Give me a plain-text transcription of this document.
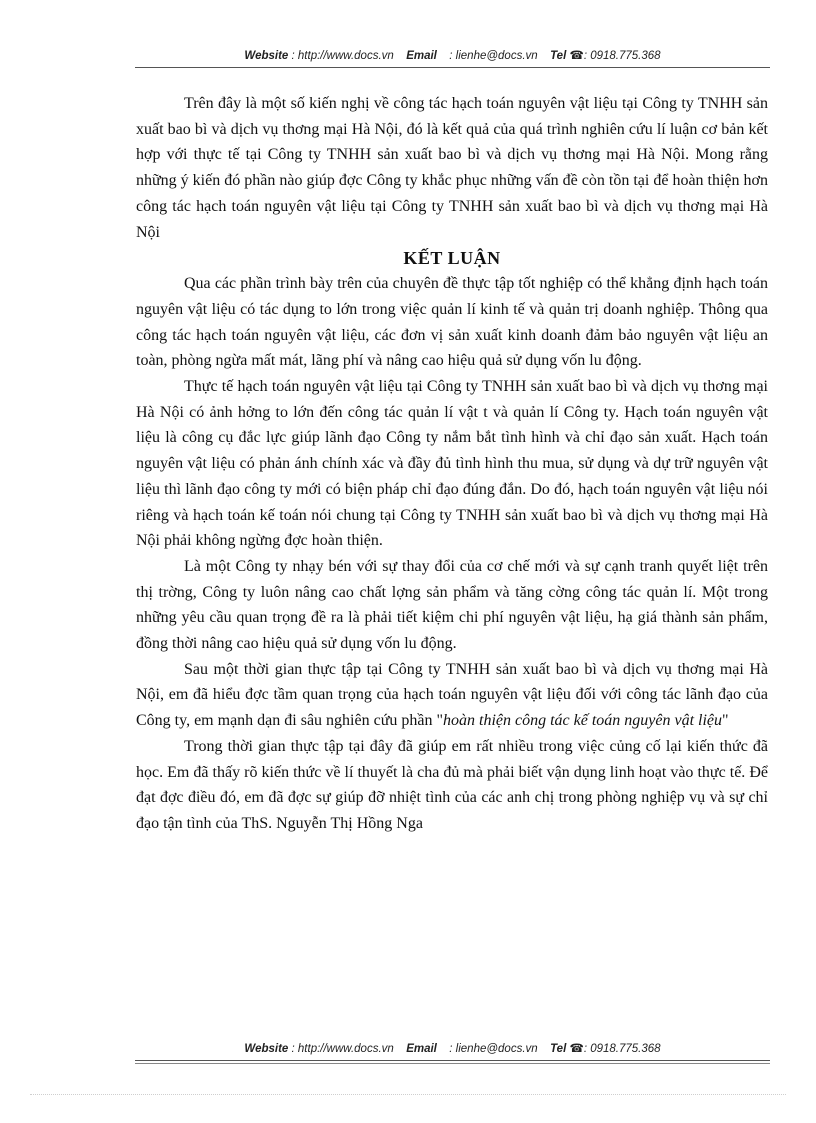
Website : http://www.docs.vn Email : lienhe@docs.vn Tel ☎: 0918.775.368

Trên đây là một số kiến nghị về công tác hạch toán nguyên vật liệu tại Công ty TNHH sản xuất bao bì và dịch vụ thơng mại Hà Nội, đó là kết quả của quá trình nghiên cứu lí luận cơ bản kết hợp với thực tế tại Công ty TNHH sản xuất bao bì và dịch vụ thơng mại Hà Nội. Mong rằng những ý kiến đó phần nào giúp đợc Công ty khắc phục những vấn đề còn tồn tại để hoàn thiện hơn công tác hạch toán nguyên vật liệu tại Công ty TNHH sản xuất bao bì và dịch vụ thơng mại Hà Nội

KẾT LUẬN

Qua các phần trình bày trên của chuyên đề thực tập tốt nghiệp có thể khẳng định hạch toán nguyên vật liệu có tác dụng to lớn trong việc quản lí kinh tế và quản trị doanh nghiệp. Thông qua công tác hạch toán nguyên vật liệu, các đơn vị sản xuất kinh doanh đảm bảo nguyên vật liệu an toàn, phòng ngừa mất mát, lãng phí và nâng cao hiệu quả sử dụng vốn lu động.

Thực tế hạch toán nguyên vật liệu tại Công ty TNHH sản xuất bao bì và dịch vụ thơng mại Hà Nội có ảnh hởng to lớn đến công tác quản lí vật t và quản lí Công ty. Hạch toán nguyên vật liệu là công cụ đắc lực giúp lãnh đạo Công ty nắm bắt tình hình và chỉ đạo sản xuất. Hạch toán nguyên vật liệu có phản ánh chính xác và đầy đủ tình hình thu mua, sử dụng và dự trữ nguyên vật liệu thì lãnh đạo công ty mới có biện pháp chỉ đạo đúng đắn. Do đó, hạch toán nguyên vật liệu nói riêng và hạch toán kế toán nói chung tại Công ty TNHH sản xuất bao bì và dịch vụ thơng mại Hà Nội phải không ngừng đợc hoàn thiện.

Là một Công ty nhạy bén với sự thay đổi của cơ chế mới và sự cạnh tranh quyết liệt trên thị trờng, Công ty luôn nâng cao chất lợng sản phẩm và tăng cờng công tác quản lí. Một trong những yêu cầu quan trọng đề ra là phải tiết kiệm chi phí nguyên vật liệu, hạ giá thành sản phẩm, đồng thời nâng cao hiệu quả sử dụng vốn lu động.

Sau một thời gian thực tập tại Công ty TNHH sản xuất bao bì và dịch vụ thơng mại Hà Nội, em đã hiểu đợc tầm quan trọng của hạch toán nguyên vật liệu đối với công tác lãnh đạo của Công ty, em mạnh dạn đi sâu nghiên cứu phần "hoàn thiện công tác kế toán nguyên vật liệu"

Trong thời gian thực tập tại đây đã giúp em rất nhiều trong việc củng cố lại kiến thức đã học. Em đã thấy rõ kiến thức về lí thuyết là cha đủ mà phải biết vận dụng linh hoạt vào thực tế. Để đạt đợc điều đó, em đã đợc sự giúp đỡ nhiệt tình của các anh chị trong phòng nghiệp vụ và sự chỉ đạo tận tình của ThS. Nguyễn Thị Hồng Nga

Website : http://www.docs.vn Email : lienhe@docs.vn Tel ☎: 0918.775.368
